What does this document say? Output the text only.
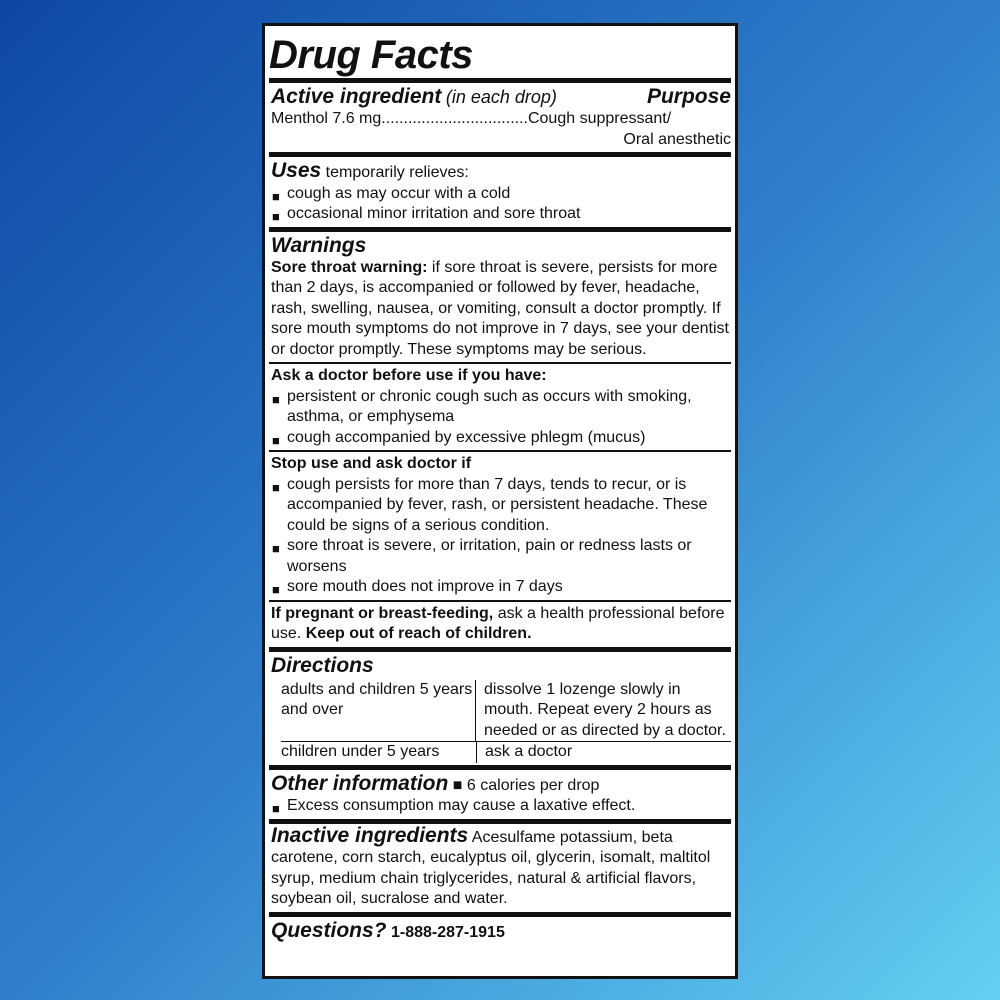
Drug Facts
Active ingredient (in each drop)	Purpose
Menthol 7.6 mg.................................Cough suppressant/
Oral anesthetic
Uses temporarily relieves:
■ cough as may occur with a cold
■ occasional minor irritation and sore throat
Warnings
Sore throat warning: if sore throat is severe, persists for more than 2 days, is accompanied or followed by fever, headache, rash, swelling, nausea, or vomiting, consult a doctor promptly. If sore mouth symptoms do not improve in 7 days, see your dentist or doctor promptly. These symptoms may be serious.
Ask a doctor before use if you have:
■ persistent or chronic cough such as occurs with smoking, asthma, or emphysema
■ cough accompanied by excessive phlegm (mucus)
Stop use and ask doctor if
■ cough persists for more than 7 days, tends to recur, or is accompanied by fever, rash, or persistent headache. These could be signs of a serious condition.
■ sore throat is severe, or irritation, pain or redness lasts or worsens
■ sore mouth does not improve in 7 days
If pregnant or breast-feeding, ask a health professional before use. Keep out of reach of children.
Directions
adults and children 5 years and over
dissolve 1 lozenge slowly in mouth. Repeat every 2 hours as needed or as directed by a doctor.
children under 5 years	ask a doctor
Other information ■ 6 calories per drop
■ Excess consumption may cause a laxative effect.
Inactive ingredients Acesulfame potassium, beta carotene, corn starch, eucalyptus oil, glycerin, isomalt, maltitol syrup, medium chain triglycerides, natural & artificial flavors, soybean oil, sucralose and water.
Questions? 1-888-287-1915
